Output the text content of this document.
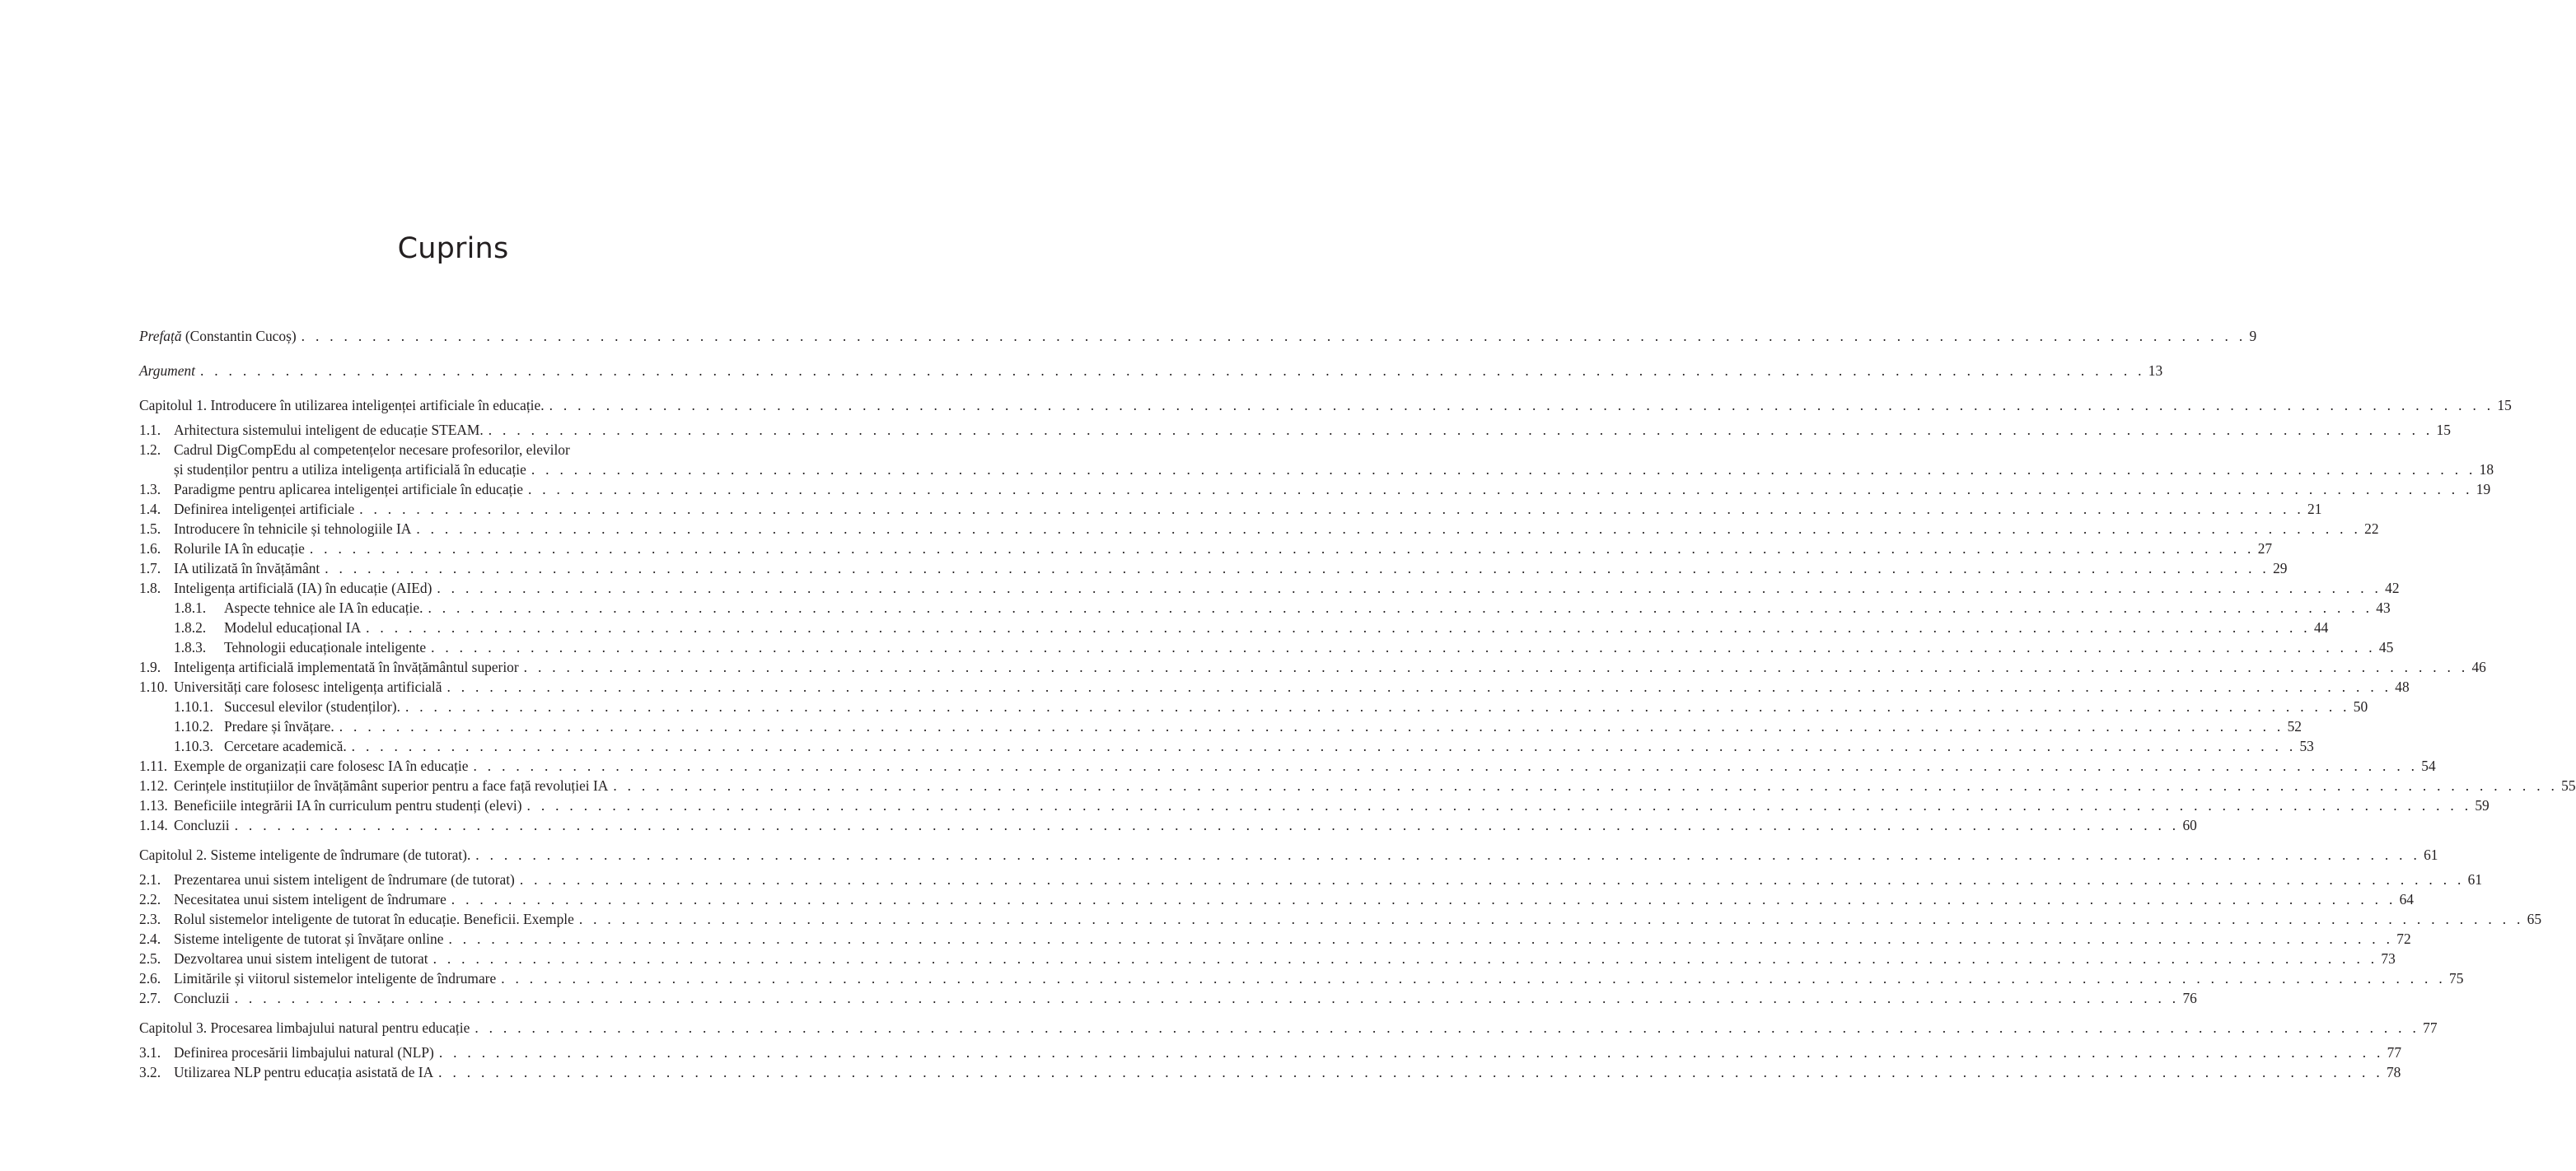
Cuprins
Prefață (Constantin Cucoș) . . .	9
Argument . . .	13
Capitolul 1. Introducere în utilizarea inteligenței artificiale în educație. . . .	15
1.1. Arhitectura sistemului inteligent de educație STEAM. . . .	15
1.2. Cadrul DigCompEdu al competențelor necesare profesorilor, elevilor
și studenților pentru a utiliza inteligența artificială în educație . . .	18
1.3. Paradigme pentru aplicarea inteligenței artificiale în educație . . .	19
1.4. Definirea inteligenței artificiale . . .	21
1.5. Introducere în tehnicile și tehnologiile IA . . .	22
1.6. Rolurile IA în educație . . .	27
1.7. IA utilizată în învățământ . . .	29
1.8. Inteligența artificială (IA) în educație (AIEd) . . .	42
1.8.1.	Aspecte tehnice ale IA în educație. . . .	43
1.8.2.	Modelul educațional IA . . .	44
1.8.3.	Tehnologii educaționale inteligente . . .	45
1.9. Inteligența artificială implementată în învățământul superior . . .	46
1.10. Universități care folosesc inteligența artificială . . .	48
1.10.1. Succesul elevilor (studenților). . . .	50
1.10.2. Predare și învățare. . . .	52
1.10.3. Cercetare academică. . . .	53
1.11. Exemple de organizații care folosesc IA în educație . . .	54
1.12. Cerințele instituțiilor de învățământ superior pentru a face față revoluției IA . . .	55
1.13. Beneficiile integrării IA în curriculum pentru studenți (elevi) . . .	59
1.14. Concluzii . . .	60
Capitolul 2. Sisteme inteligente de îndrumare (de tutorat). . . .	61
2.1. Prezentarea unui sistem inteligent de îndrumare (de tutorat) . . .	61
2.2. Necesitatea unui sistem inteligent de îndrumare . . .	64
2.3. Rolul sistemelor inteligente de tutorat în educație. Beneficii. Exemple . . .	65
2.4. Sisteme inteligente de tutorat și învățare online . . .	72
2.5. Dezvoltarea unui sistem inteligent de tutorat . . .	73
2.6. Limitările și viitorul sistemelor inteligente de îndrumare . . .	75
2.7. Concluzii . . .	76
Capitolul 3. Procesarea limbajului natural pentru educație . . .	77
3.1. Definirea procesării limbajului natural (NLP) . . .	77
3.2. Utilizarea NLP pentru educația asistată de IA . . .	78
